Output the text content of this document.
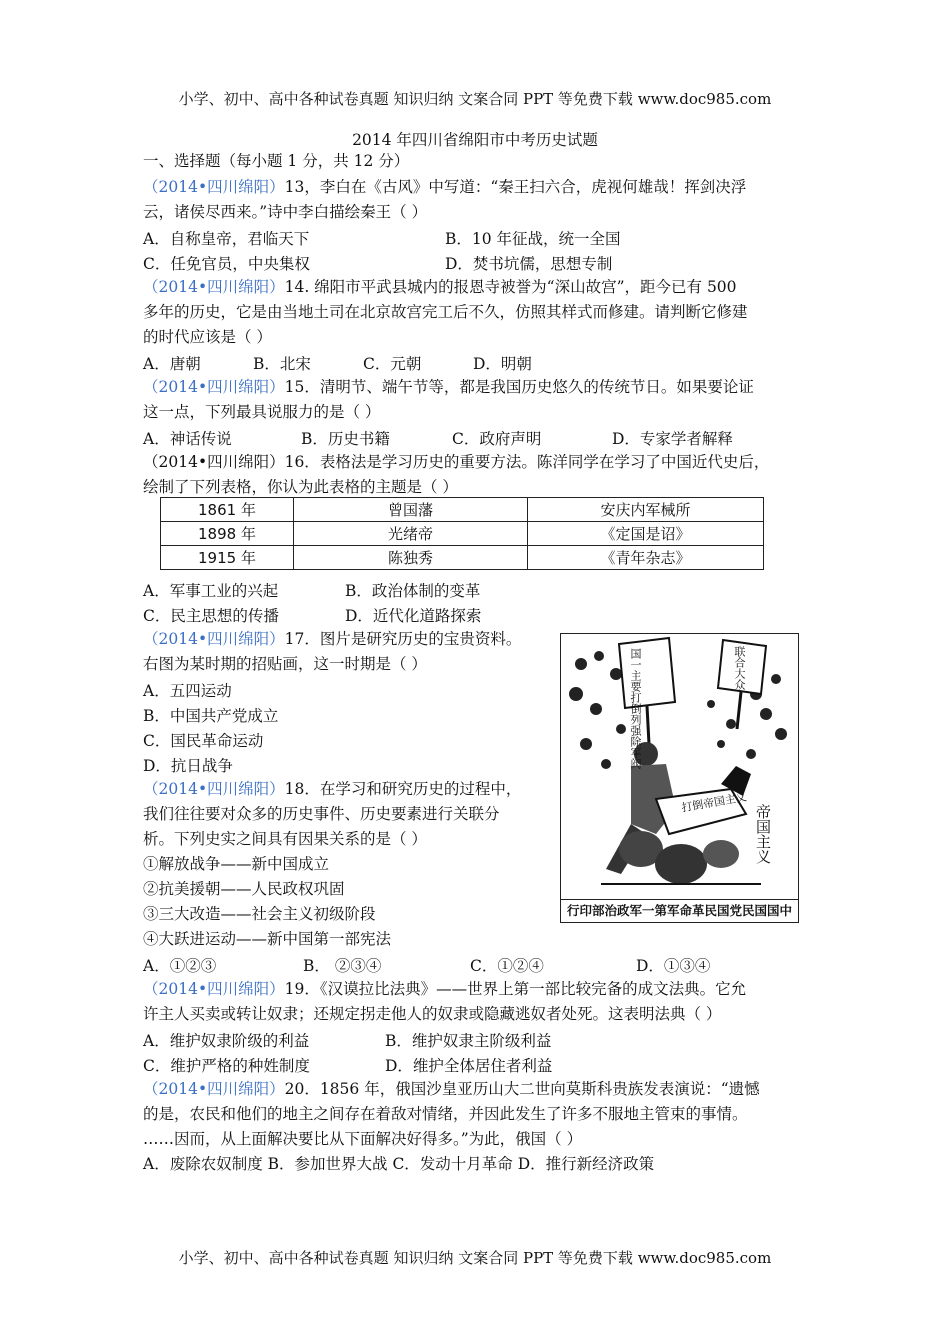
小学、初中、高中各种试卷真题 知识归纳 文案合同 PPT 等免费下载 www.doc985.com
2014 年四川省绵阳市中考历史试题
一、选择题（每小题 1 分，共 12 分）
（2014•四川绵阳）13，李白在《古风》中写道：“秦王扫六合，虎视何雄哉！挥剑决浮
云，诸侯尽西来。”诗中李白描绘秦王（ ）
A．自称皇帝，君临天下	B．10 年征战，统一全国
C．任免官员，中央集权	D．焚书坑儒，思想专制
（2014•四川绵阳）14. 绵阳市平武县城内的报恩寺被誉为“深山故宫”，距今已有 500
多年的历史，它是由当地土司在北京故宫完工后不久，仿照其样式而修建。请判断它修建
的时代应该是（ ）
A．唐朝	B．北宋	C．元朝	D．明朝
（2014•四川绵阳）15．清明节、端午节等，都是我国历史悠久的传统节日。如果要论证
这一点，下列最具说服力的是（ ）
A．神话传说	B．历史书籍	C．政府声明	D．专家学者解释
（2014•四川绵阳）16．表格法是学习历史的重要方法。陈洋同学在学习了中国近代史后，
绘制了下列表格，你认为此表格的主题是（ ）
1861 年	曾国藩	安庆内军械所
1898 年	光绪帝	《定国是诏》
1915 年	陈独秀	《青年杂志》
A．军事工业的兴起	B．政治体制的变革
C．民主思想的传播	D．近代化道路探索
（2014•四川绵阳）17．图片是研究历史的宝贵资料。
右图为某时期的招贴画，这一时期是（ ）
A．五四运动
B．中国共产党成立
C．国民革命运动
D．抗日战争	国一主要打倒列强除军阀	联合大众
打倒帝国主义
帝国主义
行印部治政军一第军命革民国党民国国中
（2014•四川绵阳）18．在学习和研究历史的过程中，
我们往往要对众多的历史事件、历史要素进行关联分
析。下列史实之间具有因果关系的是（ ）
①解放战争——新中国成立
②抗美援朝——人民政权巩固
③三大改造——社会主义初级阶段
④大跃进运动——新中国第一部宪法
A．①②③	B． ②③④	C．①②④	D．①③④
（2014•四川绵阳）19．《汉谟拉比法典》——世界上第一部比较完备的成文法典。它允
许主人买卖或转让奴隶；还规定拐走他人的奴隶或隐藏逃奴者处死。这表明法典（ ）
A．维护奴隶阶级的利益	B．维护奴隶主阶级利益
C．维护严格的种姓制度	D．维护全体居住者利益
（2014•四川绵阳）20．1856 年，俄国沙皇亚历山大二世向莫斯科贵族发表演说：“遗憾
的是，农民和他们的地主之间存在着敌对情绪，并因此发生了许多不服地主管束的事情。
……因而，从上面解决要比从下面解决好得多。”为此，俄国（ ）
A．废除农奴制度 B．参加世界大战 C．发动十月革命 D．推行新经济政策
小学、初中、高中各种试卷真题 知识归纳 文案合同 PPT 等免费下载 www.doc985.com
